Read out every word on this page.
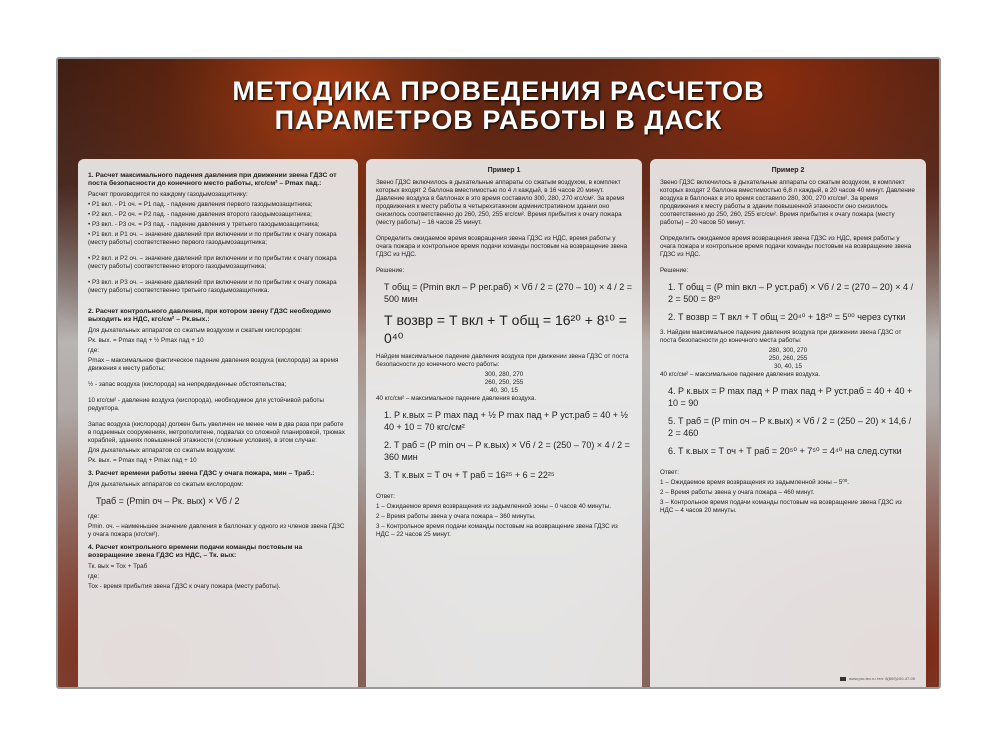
МЕТОДИКА ПРОВЕДЕНИЯ РАСЧЕТОВ
ПАРАМЕТРОВ РАБОТЫ В ДАСК
1. Расчет максимального падения давления при движении звена ГДЗС от поста безопасности до конечного место работы, кгс/см² – Pmax пад.:
Расчет производится по каждому газодымозащитнику:
• P1 вкл. - P1 оч. = P1 пад. - падение давления первого газодымозащитника;
• P2 вкл. - P2 оч. = P2 пад. - падение давления второго газодымозащитника;
• P3 вкл. - P3 оч. = P3 пад. - падение давления у третьего газодымозащитника;
• P1 вкл. и P1 оч. – значение давлений при включении и по прибытии к очагу пожара (месту работы) соответственно первого газодымозащитника;
• P2 вкл. и P2 оч. – значение давлений при включении и по прибытии к очагу пожара (месту работы) соответственно второго газодымозащитника;
• P3 вкл. и P3 оч. – значение давлений при включении и по прибытии к очагу пожара (месту работы) соответственно третьего газодымозащитника.
2. Расчет контрольного давления, при котором звену ГДЗС необходимо выходить из НДС, кгс/см² – Рк.вых.:
Для дыхательных аппаратов со сжатым воздухом и сжатым кислородом:
Рк. вых. = Рmax пад + ½ Рmax пад + 10
где:
Рmax – максимальное фактическое падение давления воздуха (кислорода) за время движения к месту работы;
½ - запас воздуха (кислорода) на непредвиденные обстоятельства;
10 кгс/см² - давление воздуха (кислорода), необходимое для устойчивой работы редуктора.
Запас воздуха (кислорода) должен быть увеличен не менее чем в два раза при работе в подземных сооружениях, метрополитене, подвалах со сложной планировкой, трюмах кораблей, зданиях повышенной этажности (сложные условия), в этом случае:
Для дыхательных аппаратов со сжатым воздухом:
Рк. вых. = Рmax пад + Рmax пад + 10
3. Расчет времени работы звена ГДЗС у очага пожара, мин – Траб.:
Для дыхательных аппаратов со сжатым кислородом:
Траб = (Рmin оч – Рк. вых) × Vб / 2
где:
Pmin. оч. – наименьшее значение давления в баллонах у одного из членов звена ГДЗС у очага пожара (кгс/см²).
4. Расчет контрольного времени подачи команды постовым на возвращение звена ГДЗС из НДС, – Тк. вых:
Тк. вых = Тох + Траб
где:
Тох - время прибытия звена ГДЗС к очагу пожара (месту работы).
Пример 1
Звено ГДЗС включилось в дыхательные аппараты со сжатым воздухом, в комплект которых входят 2 баллона вместимостью по 4 л каждый, в 16 часов 20 минут. Давление воздуха в баллонах в это время составило 300, 280, 270 кгс/см². За время продвижения к месту работы в четырехэтажном административном здании оно снизилось соответственно до 260, 250, 255 кгс/см². Время прибытия к очагу пожара (месту работы) – 16 часов 25 минут.
Определить ожидаемое время возвращения звена ГДЗС из НДС, время работы у очага пожара и контрольное время подачи команды постовым на возвращение звена ГДЗС из НДС.
Решение:
Т общ = (Рmin вкл – Р рег.раб) × Vб / 2 = (270 – 10) × 4 / 2 = 500 мин
Т возвр = Т вкл + Т общ = 16²⁰ + 8¹⁰ = 0⁴⁰
Найдем максимальное падение давления воздуха при движении звена ГДЗС от поста безопасности до конечного место работы:
300, 280, 270
260, 250, 255
40, 30, 15
40 кгс/см² – максимальное падение давления воздуха.
1. Р к.вых = Р max пад + ½ Р max пад + Р уст.раб = 40 + ½ 40 + 10 = 70 кгс/см²
2. Т раб = (Р min оч – Р к.вых) × Vб / 2 = (250 – 70) × 4 / 2 = 360 мин
3. Т к.вых = Т оч + Т раб = 16²⁵ + 6 = 22²⁵
Ответ:
1 – Ожидаемое время возвращения из задымленной зоны – 0 часов 40 минуты.
2 – Время работы звена у очага пожара – 360 минуты.
3 – Контрольное время подачи команды постовым на возвращение звена ГДЗС из НДС – 22 часов 25 минут.
Пример 2
Звено ГДЗС включилось в дыхательные аппараты со сжатым воздухом, в комплект которых входят 2 баллона вместимостью 6,8 л каждый, в 20 часов 40 минут. Давление воздуха в баллонах в это время составило 280, 300, 270 кгс/см². За время продвижения к месту работы в здании повышенной этажности оно снизилось соответственно до 250, 260, 255 кгс/см². Время прибытия к очагу пожара (месту работы) – 20 часов 50 минут.
Определить ожидаемое время возвращения звена ГДЗС из НДС, время работы у очага пожара и контрольное время подачи команды постовым на возвращение звена ГДЗС из НДС.
Решение:
1. Т общ = (Р min вкл – Р уст.раб) × Vб / 2 = (270 – 20) × 4 / 2 = 500 = 8²⁰
2. Т возвр = Т вкл + Т общ = 20⁴⁰ + 18²⁰ = 5⁰⁰ через сутки
3. Найдем максимальное падение давления воздуха при движении звена ГДЗС от поста безопасности до конечного места работы:
280, 300, 270
250, 260, 255
30, 40, 15
40 кгс/см² – максимальное падение давления воздуха.
4. Р к.вых = Р max пад + Р max пад + Р уст.раб = 40 + 40 + 10 = 90
5. Т раб = (Р min оч – Р к.вых) × Vб / 2 = (250 – 20) × 14,6 / 2 = 460
6. Т к.вых = Т оч + Т раб = 20⁵⁰ + 7⁵⁰ = 4⁴⁰ на след.сутки
Ответ:
1 – Ожидаемое время возвращения из задымленной зоны – 5⁰⁰.
2 – Время работы звена у очага пожара – 460 минут.
3 – Контрольное время подачи команды постовым на возвращение звена ГДЗС из НДС – 4 часов 20 минуты.
www.pro-tec.ru тел: 8(800)100-47-05
